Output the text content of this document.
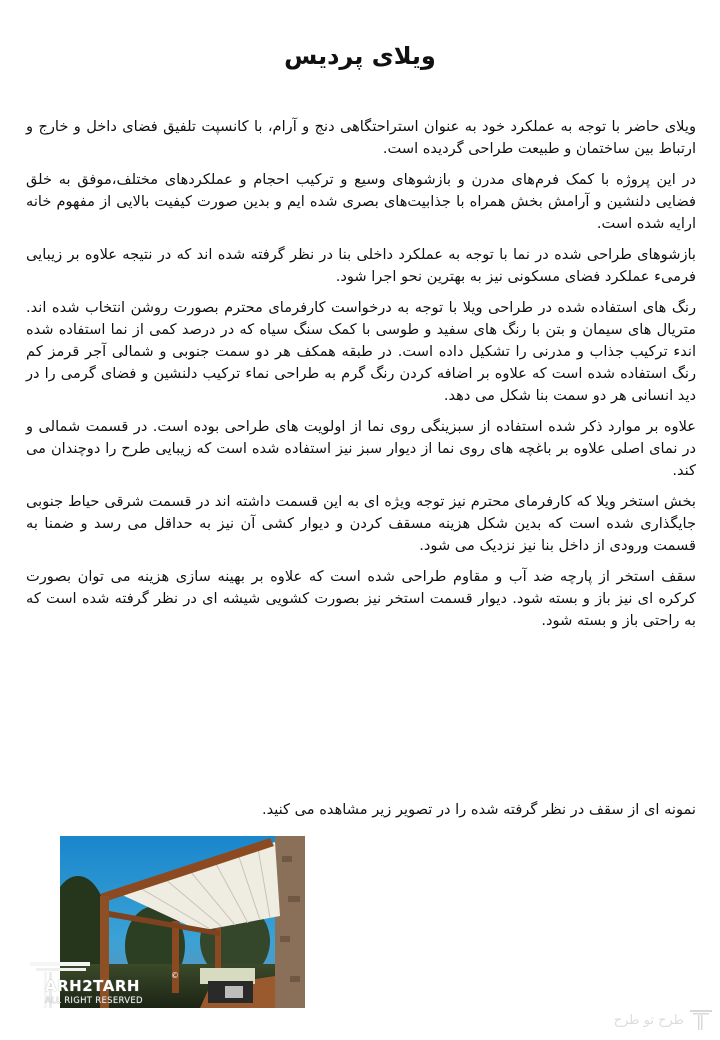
ویلای پردیس

ویلای حاضر با توجه به عملکرد خود به عنوان استراحتگاهی دنج و آرام، با کانسپت تلفیق فضای داخل و خارج و ارتباط بین ساختمان و طبیعت طراحی گردیده است.

در این پروژه با کمک فرم‌های مدرن و بازشوهای وسیع و ترکیب احجام و عملکردهای مختلف،موفق به خلق فضایی دلنشین و آرامش بخش همراه با جذابیت‌های بصری شده ایم و بدین صورت کیفیت بالایی از مفهوم خانه ارایه شده است.

بازشوهای طراحی شده در نما با توجه به عملکرد داخلی بنا در نظر گرفته شده اند که در نتیجه علاوه بر زیبایی فرمیء عملکرد فضای مسکونی نیز به بهترین نحو اجرا شود.

رنگ های استفاده شده در طراحی ویلا با توجه به درخواست کارفرمای محترم بصورت روشن انتخاب شده اند. متریال های سیمان و بتن با رنگ های سفید و طوسی با کمک سنگ سیاه که در درصد کمی از نما استفاده شده اندء ترکیب جذاب و مدرنی را تشکیل داده است. در طبقه همکف هر دو سمت جنوبی و شمالی آجر قرمز کم رنگ استفاده شده است که علاوه بر اضافه کردن رنگ گرم به طراحی نماء ترکیب دلنشین و فضای گرمی را در دید انسانی هر دو سمت بنا شکل می دهد.

علاوه بر موارد ذکر شده استفاده از سبزینگی روی نما از اولویت های طراحی بوده است. در قسمت شمالی و در نمای اصلی علاوه بر باغچه های روی نما از دیوار سبز نیز استفاده شده است که زیبایی طرح را دوچندان می کند.

بخش استخر ویلا که کارفرمای محترم نیز توجه ویژه ای به این قسمت داشته اند در قسمت شرقی حیاط جنوبی جایگذاری شده است که بدین شکل هزینه مسقف کردن و دیوار کشی آن نیز به حداقل می رسد و ضمنا به قسمت ورودی از داخل بنا نیز نزدیک می شود.

سقف استخر از پارچه ضد آب و مقاوم طراحی شده است که علاوه بر بهینه سازی هزینه می توان بصورت کرکره ای نیز باز و بسته شود. دیوار قسمت استخر نیز بصورت کشویی شیشه ای در نظر گرفته شده است که به راحتی باز و بسته شود.

نمونه ای از سقف در نظر گرفته شده را در تصویر زیر مشاهده می کنید.

ARH2TARH
©
ALL RIGHT RESERVED
طرح تو طرح
